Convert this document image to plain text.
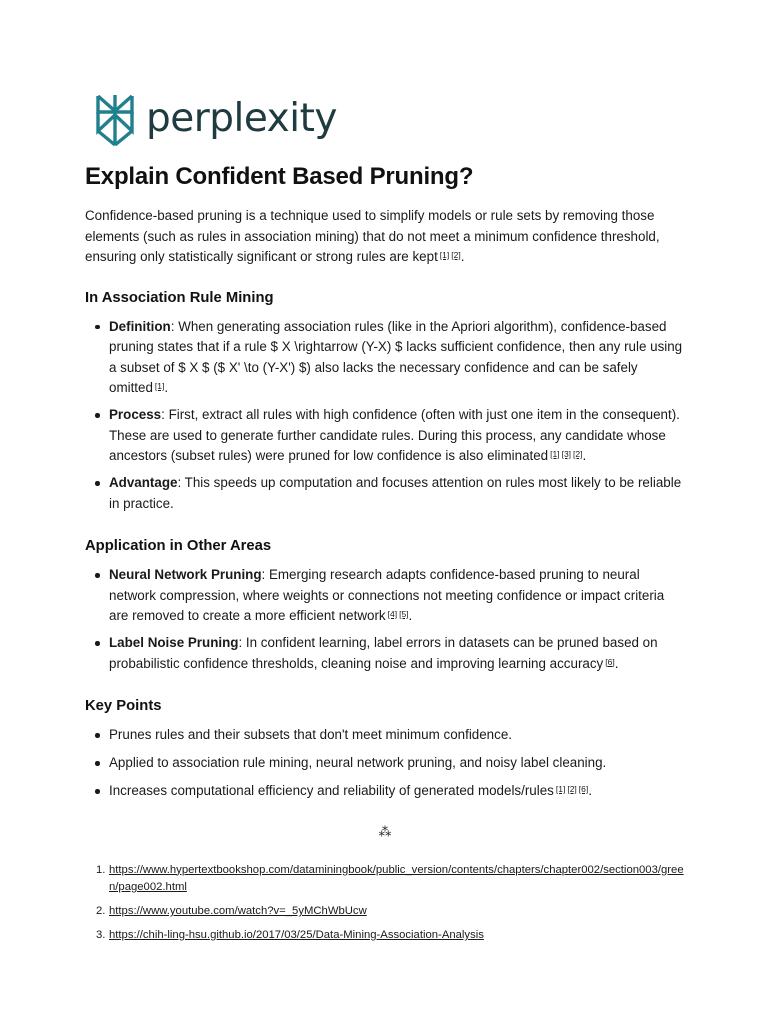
perplexity
Explain Confident Based Pruning?

Confidence-based pruning is a technique used to simplify models or rule sets by removing those elements (such as rules in association mining) that do not meet a minimum confidence threshold, ensuring only statistically significant or strong rules are kept [1] [2].

In Association Rule Mining
Definition: When generating association rules (like in the Apriori algorithm), confidence-based pruning states that if a rule $ X \rightarrow (Y-X) $ lacks sufficient confidence, then any rule using a subset of $ X $ ($ X' \to (Y-X') $) also lacks the necessary confidence and can be safely omitted [1].
Process: First, extract all rules with high confidence (often with just one item in the consequent). These are used to generate further candidate rules. During this process, any candidate whose ancestors (subset rules) were pruned for low confidence is also eliminated [1] [3] [2].
Advantage: This speeds up computation and focuses attention on rules most likely to be reliable in practice.
Application in Other Areas
Neural Network Pruning: Emerging research adapts confidence-based pruning to neural network compression, where weights or connections not meeting confidence or impact criteria are removed to create a more efficient network [4] [5].
Label Noise Pruning: In confident learning, label errors in datasets can be pruned based on probabilistic confidence thresholds, cleaning noise and improving learning accuracy [6].
Key Points
Prunes rules and their subsets that don't meet minimum confidence.
Applied to association rule mining, neural network pruning, and noisy label cleaning.
Increases computational efficiency and reliability of generated models/rules [1] [2] [6].
⁂
1. https://www.hypertextbookshop.com/dataminingbook/public_version/contents/chapters/chapter002/section003/green/page002.html
2. https://www.youtube.com/watch?v=_5yMChWbUcw
3. https://chih-ling-hsu.github.io/2017/03/25/Data-Mining-Association-Analysis
